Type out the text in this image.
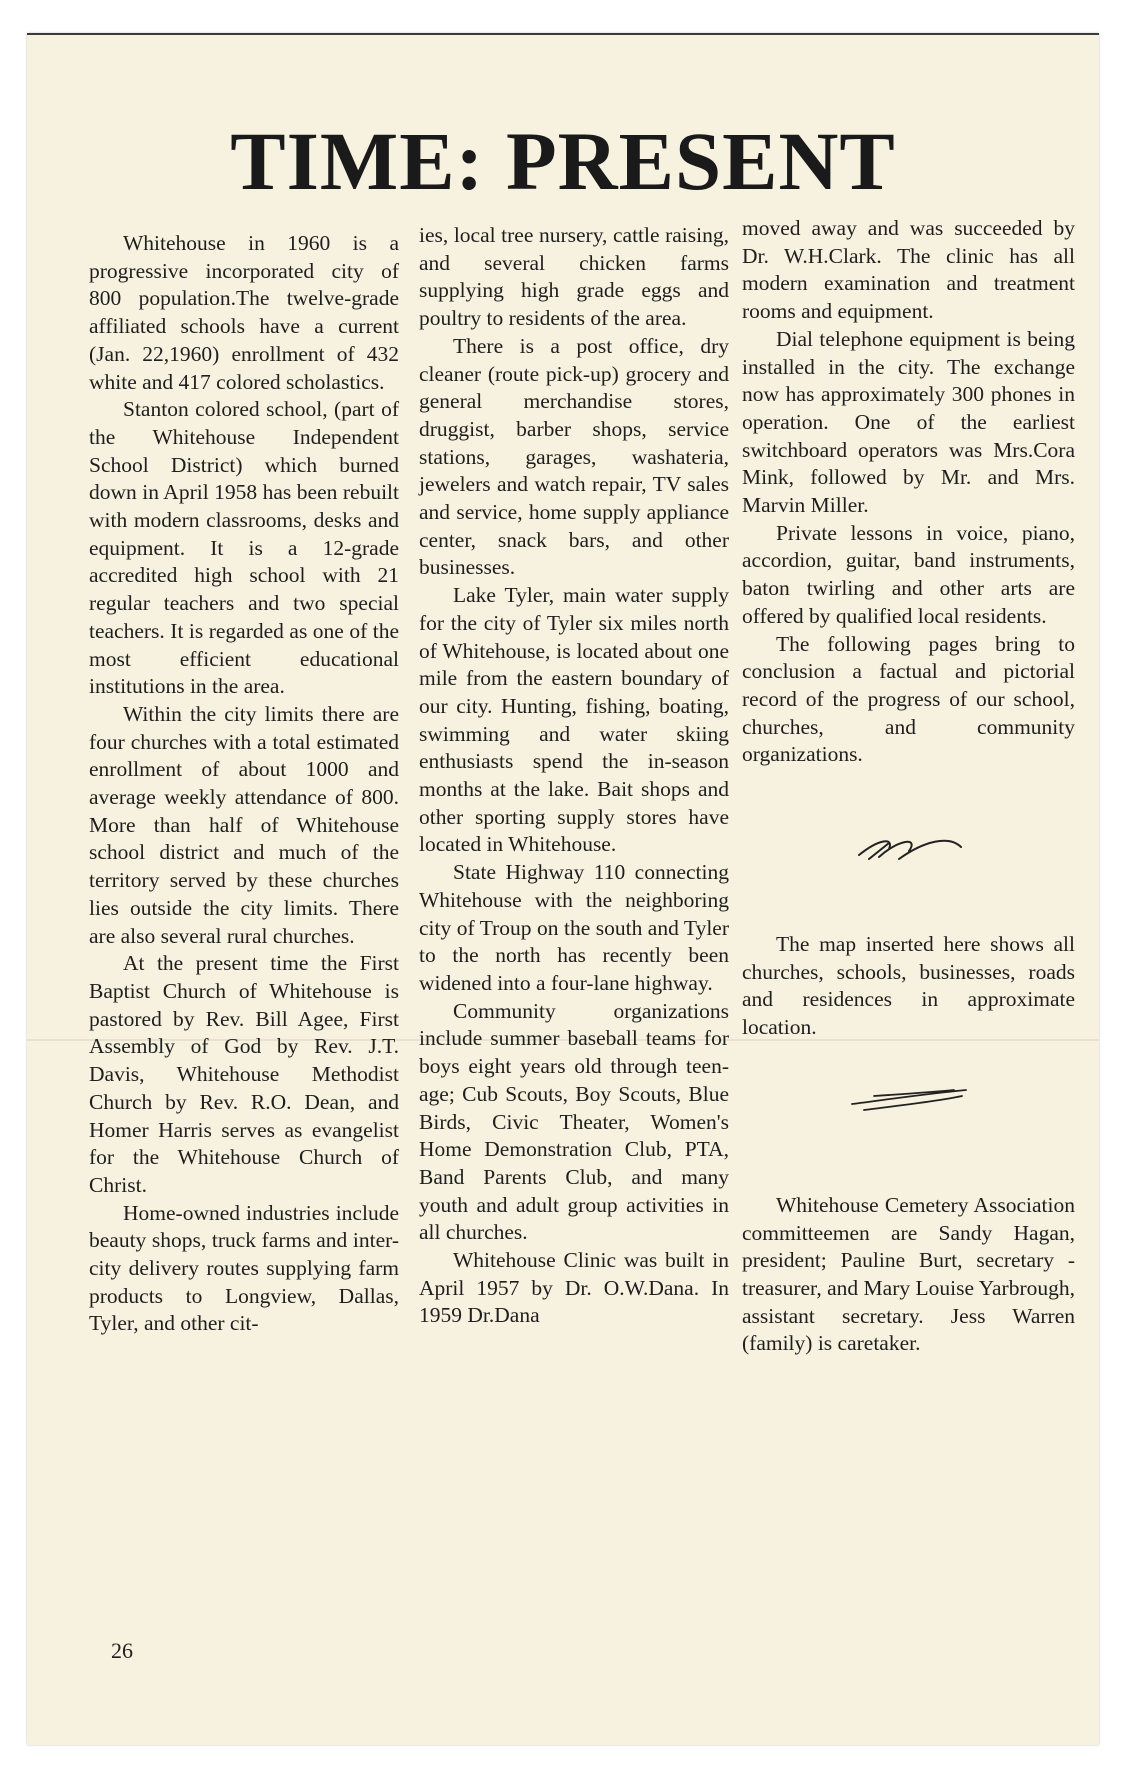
TIME: PRESENT

Whitehouse in 1960 is a progressive incorporated city of 800 population.The twelve-grade affiliated schools have a current (Jan. 22,1960) enrollment of 432 white and 417 colored scholastics.

Stanton colored school, (part of the Whitehouse Independent School District) which burned down in April 1958 has been rebuilt with modern classrooms, desks and equipment. It is a 12-grade accredited high school with 21 regular teachers and two special teachers. It is regarded as one of the most efficient educational institutions in the area.

Within the city limits there are four churches with a total estimated enrollment of about 1000 and average weekly attendance of 800. More than half of Whitehouse school district and much of the territory served by these churches lies outside the city limits. There are also several rural churches.

At the present time the First Baptist Church of Whitehouse is pastored by Rev. Bill Agee, First Assembly of God by Rev. J.T. Davis, Whitehouse Methodist Church by Rev. R.O. Dean, and Homer Harris serves as evangelist for the Whitehouse Church of Christ.

Home-owned industries include beauty shops, truck farms and inter-city delivery routes supplying farm products to Longview, Dallas, Tyler, and other cit-

ies, local tree nursery, cattle raising, and several chicken farms supplying high grade eggs and poultry to residents of the area.

There is a post office, dry cleaner (route pick-up) grocery and general merchandise stores, druggist, barber shops, service stations, garages, washateria, jewelers and watch repair, TV sales and service, home supply appliance center, snack bars, and other businesses.

Lake Tyler, main water supply for the city of Tyler six miles north of Whitehouse, is located about one mile from the eastern boundary of our city. Hunting, fishing, boating, swimming and water skiing enthusiasts spend the in-season months at the lake. Bait shops and other sporting supply stores have located in Whitehouse.

State Highway 110 connecting Whitehouse with the neighboring city of Troup on the south and Tyler to the north has recently been widened into a four-lane highway.

Community organizations include summer baseball teams for boys eight years old through teen-age; Cub Scouts, Boy Scouts, Blue Birds, Civic Theater, Women's Home Demonstration Club, PTA, Band Parents Club, and many youth and adult group activities in all churches.

Whitehouse Clinic was built in April 1957 by Dr. O.W.Dana. In 1959 Dr.Dana

moved away and was succeeded by Dr. W.H.Clark. The clinic has all modern examination and treatment rooms and equipment.

Dial telephone equipment is being installed in the city. The exchange now has approximately 300 phones in operation. One of the earliest switchboard operators was Mrs.Cora Mink, followed by Mr. and Mrs. Marvin Miller.

Private lessons in voice, piano, accordion, guitar, band instruments, baton twirling and other arts are offered by qualified local residents.

The following pages bring to conclusion a factual and pictorial record of the progress of our school, churches, and community organizations.

The map inserted here shows all churches, schools, businesses, roads and residences in approximate location.

Whitehouse Cemetery Association committeemen are Sandy Hagan, president; Pauline Burt, secretary - treasurer, and Mary Louise Yarbrough, assistant secretary. Jess Warren (family) is caretaker.

26
